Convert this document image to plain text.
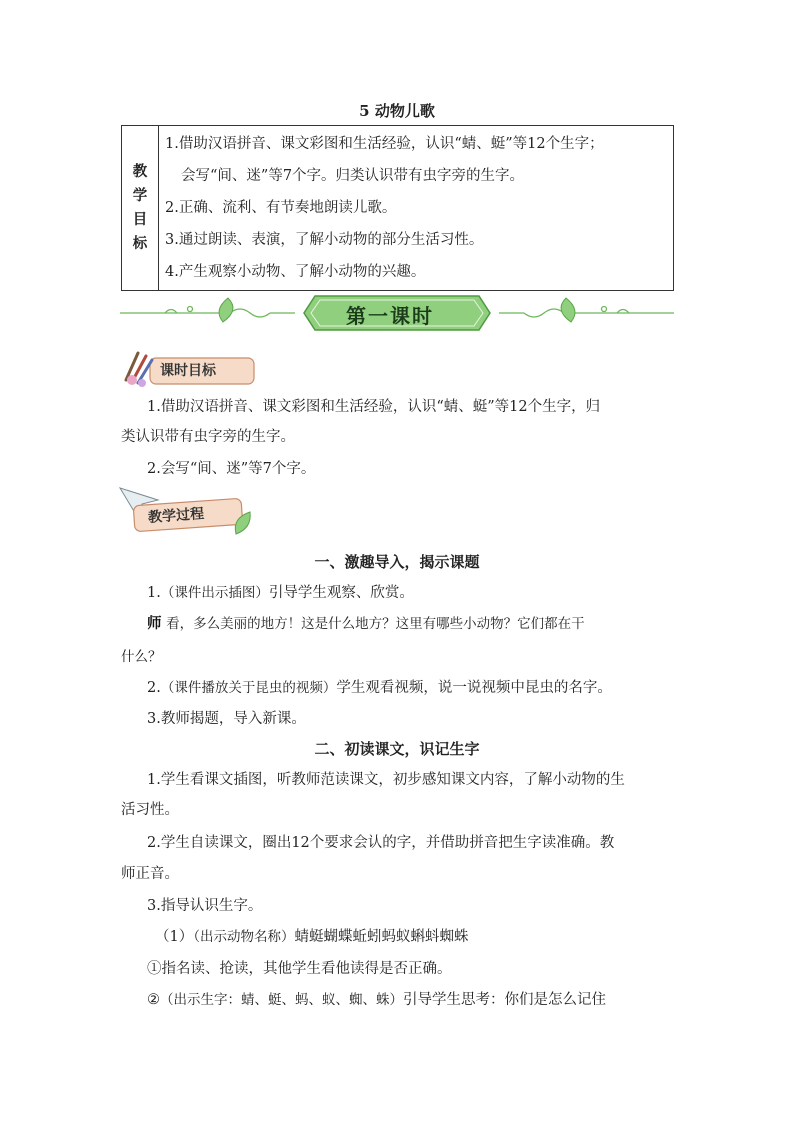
5 动物儿歌
教
学
目
标

1.借助汉语拼音、课文彩图和生活经验，认识“蜻、蜓”等12个生字；
会写“间、迷”等7个字。归类认识带有虫字旁的生字。
2.正确、流利、有节奏地朗读儿歌。
3.通过朗读、表演，了解小动物的部分生活习性。
4.产生观察小动物、了解小动物的兴趣。
第一课时
课时目标
1.借助汉语拼音、课文彩图和生活经验，认识“蜻、蜓”等12个生字，归
类认识带有虫字旁的生字。
2.会写“间、迷”等7个字。
教学过程
一、激趣导入，揭示课题
1.（课件出示插图）引导学生观察、欣赏。
师 看，多么美丽的地方！这是什么地方？这里有哪些小动物？它们都在干
什么？
2.（课件播放关于昆虫的视频）学生观看视频，说一说视频中昆虫的名字。
3.教师揭题，导入新课。
二、初读课文，识记生字
1.学生看课文插图，听教师范读课文，初步感知课文内容，了解小动物的生
活习性。
2.学生自读课文，圈出12个要求会认的字，并借助拼音把生字读准确。教
师正音。
3.指导认识生字。
（1）（出示动物名称）蜻蜓蝴蝶蚯蚓蚂蚁蝌蚪蜘蛛
①指名读、抢读，其他学生看他读得是否正确。
②（出示生字：蜻、蜓、蚂、蚁、蜘、蛛）引导学生思考：你们是怎么记住
